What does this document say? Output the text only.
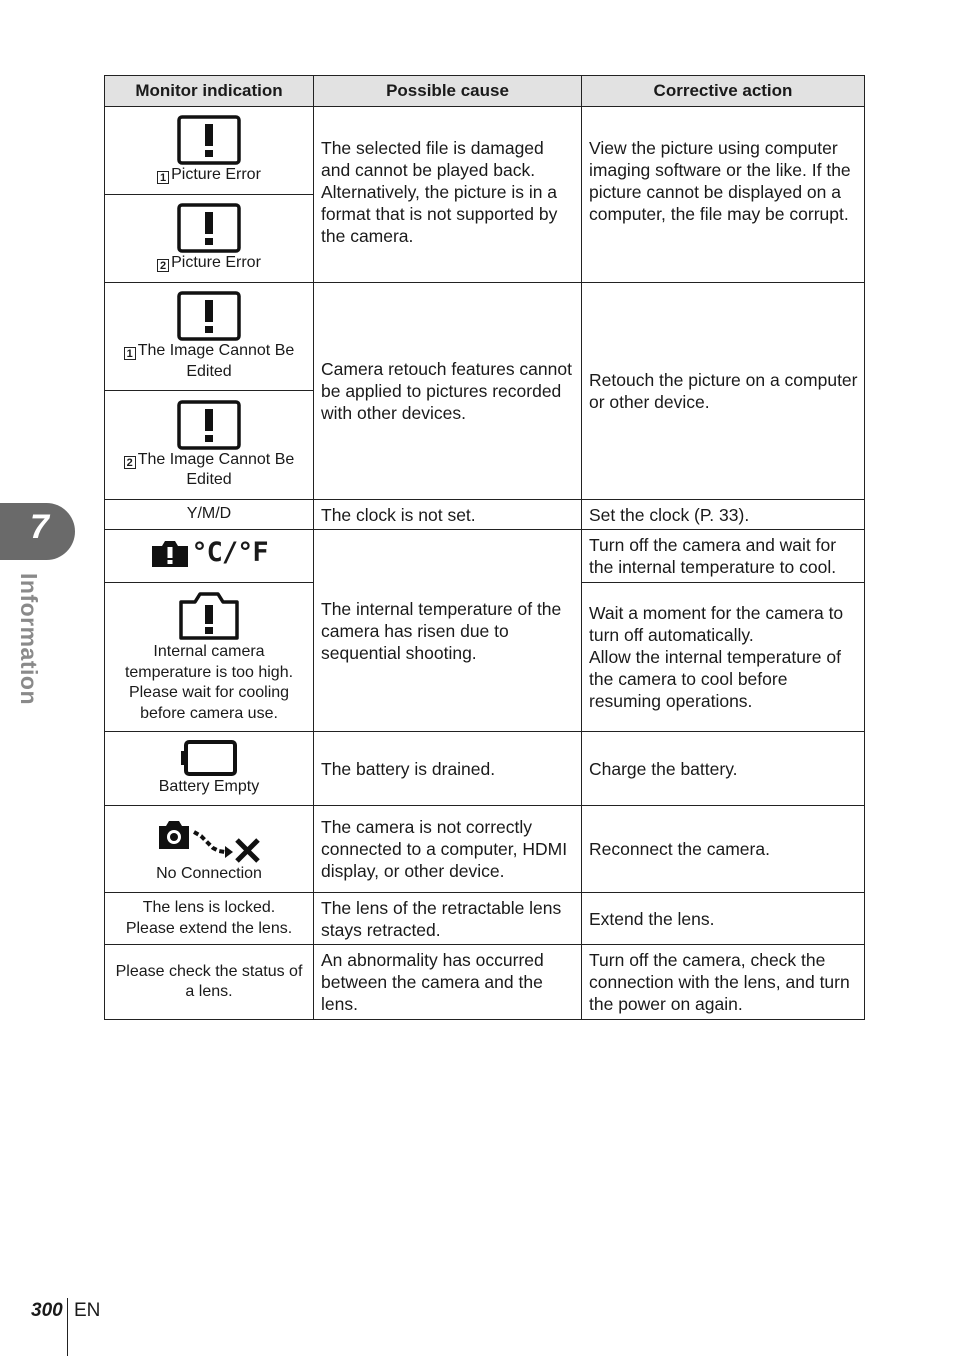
Monitor indication	Possible cause	Corrective action

1 Picture Error	The selected file is damaged and cannot be played back. Alternatively, the picture is in a format that is not supported by the camera.	View the picture using computer imaging software or the like. If the picture cannot be displayed on a computer, the file may be corrupt.

2 Picture Error		

1 The Image Cannot Be Edited	Camera retouch features cannot be applied to pictures recorded with other devices.	Retouch the picture on a computer or other device.

2 The Image Cannot Be Edited		

Y/M/D	The clock is not set.	Set the clock (P. 33).

°C/°F	The internal temperature of the camera has risen due to sequential shooting.	Turn off the camera and wait for the internal temperature to cool.

Internal camera temperature is too high. Please wait for cooling before camera use.		Wait a moment for the camera to turn off automatically.
Allow the internal temperature of the camera to cool before resuming operations.

Battery Empty	The battery is drained.	Charge the battery.

No Connection	The camera is not correctly connected to a computer, HDMI display, or other device.	Reconnect the camera.
The lens is locked. Please extend the lens.	The lens of the retractable lens stays retracted.	Extend the lens.
Please check the status of a lens.	An abnormality has occurred between the camera and the lens.	Turn off the camera, check the connection with the lens, and turn the power on again.
7
Information
300 EN
